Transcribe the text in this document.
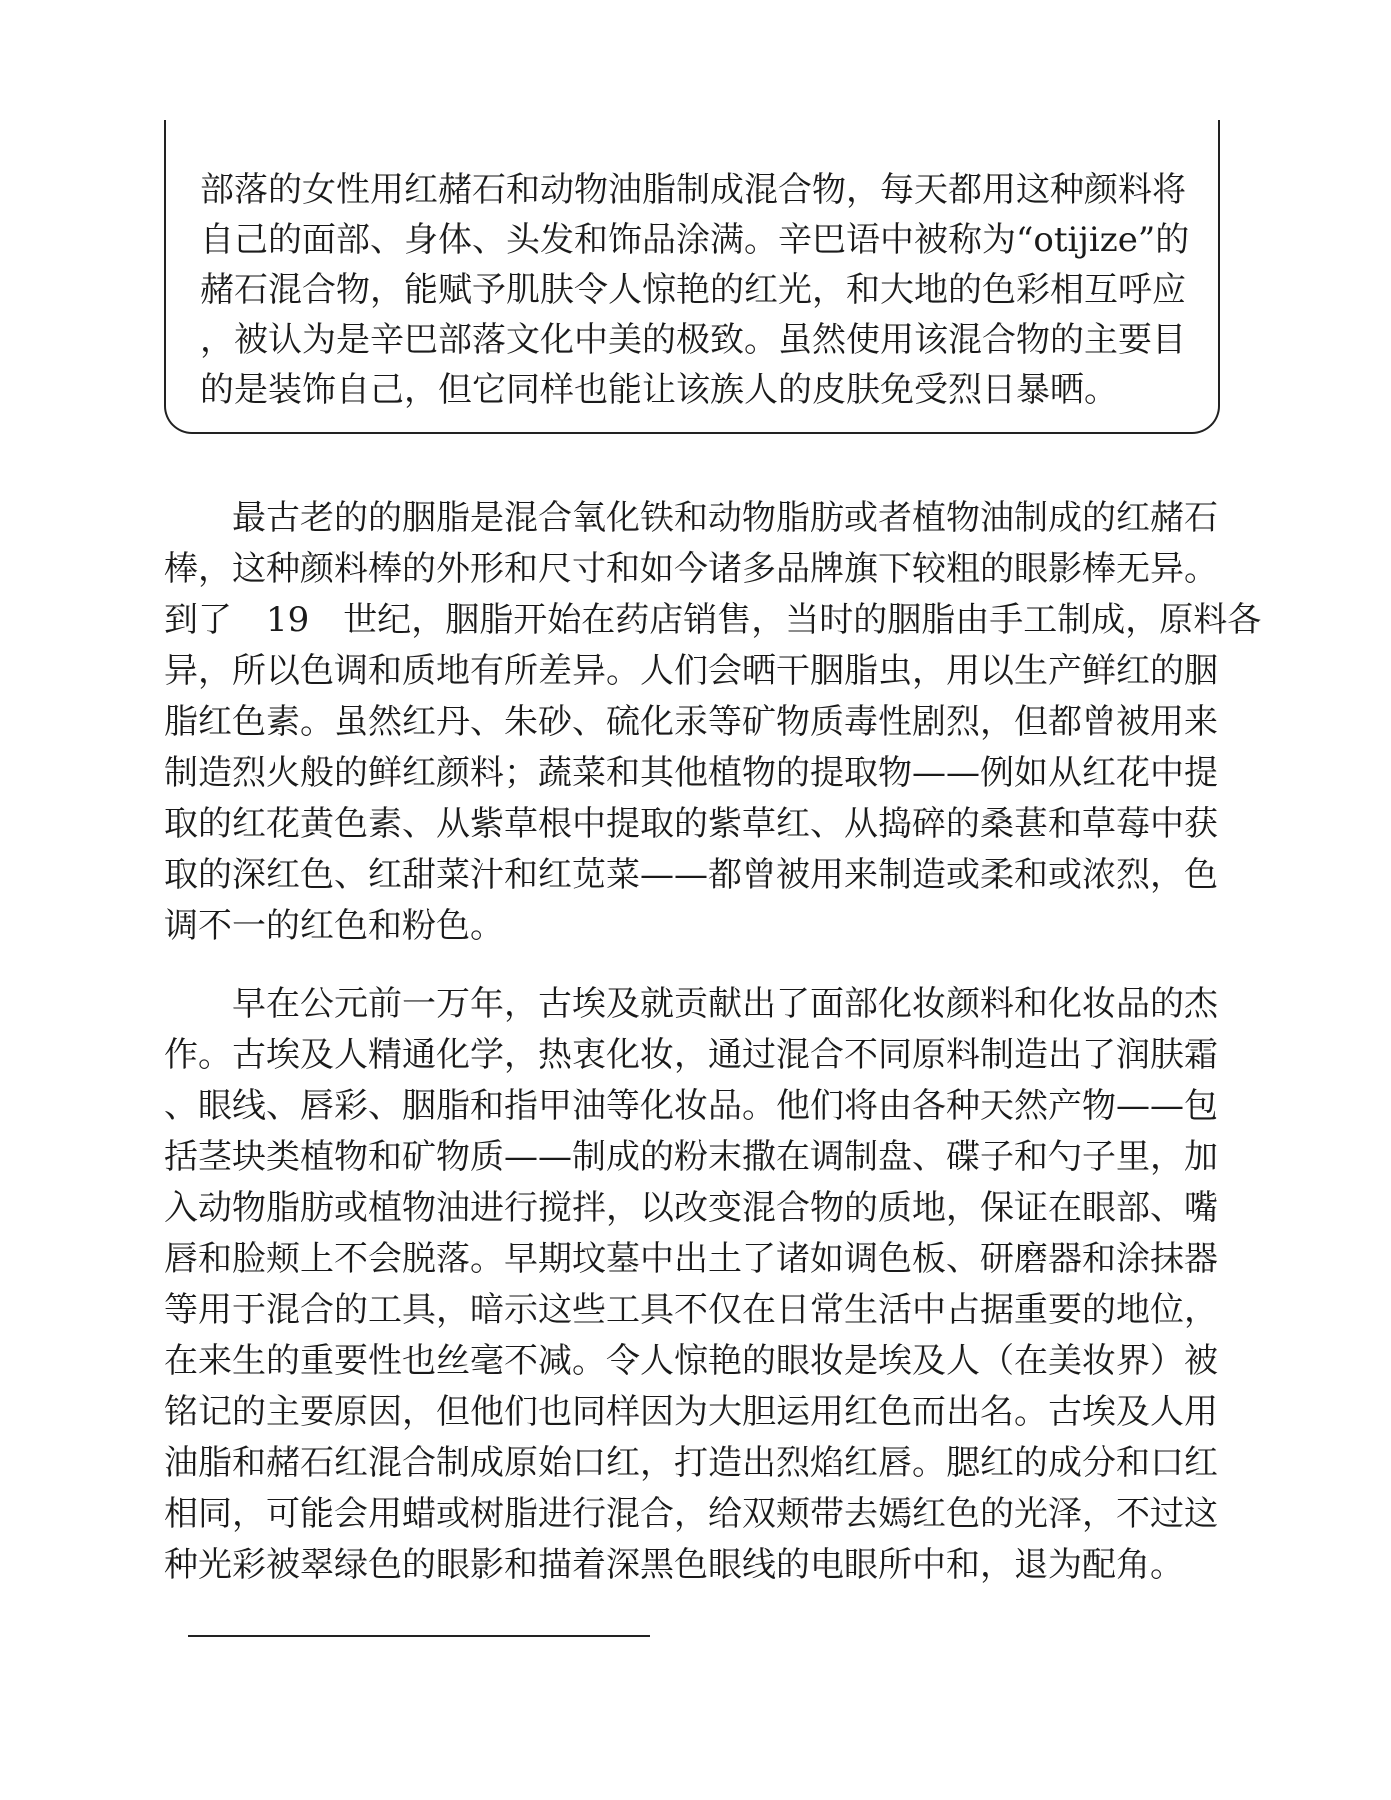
部落的女性用红赭石和动物油脂制成混合物，每天都用这种颜料将
自己的面部、身体、头发和饰品涂满。辛巴语中被称为“otijize”的
赭石混合物，能赋予肌肤令人惊艳的红光，和大地的色彩相互呼应
，被认为是辛巴部落文化中美的极致。虽然使用该混合物的主要目
的是装饰自己，但它同样也能让该族人的皮肤免受烈日暴晒。
　　最古老的的胭脂是混合氧化铁和动物脂肪或者植物油制成的红赭石
棒，这种颜料棒的外形和尺寸和如今诸多品牌旗下较粗的眼影棒无异。
到了　19　世纪，胭脂开始在药店销售，当时的胭脂由手工制成，原料各
异，所以色调和质地有所差异。人们会晒干胭脂虫，用以生产鲜红的胭
脂红色素。虽然红丹、朱砂、硫化汞等矿物质毒性剧烈，但都曾被用来
制造烈火般的鲜红颜料；蔬菜和其他植物的提取物——例如从红花中提
取的红花黄色素、从紫草根中提取的紫草红、从捣碎的桑葚和草莓中获
取的深红色、红甜菜汁和红苋菜——都曾被用来制造或柔和或浓烈，色
调不一的红色和粉色。
　　早在公元前一万年，古埃及就贡献出了面部化妆颜料和化妆品的杰
作。古埃及人精通化学，热衷化妆，通过混合不同原料制造出了润肤霜
、眼线、唇彩、胭脂和指甲油等化妆品。他们将由各种天然产物——包
括茎块类植物和矿物质——制成的粉末撒在调制盘、碟子和勺子里，加
入动物脂肪或植物油进行搅拌，以改变混合物的质地，保证在眼部、嘴
唇和脸颊上不会脱落。早期坟墓中出土了诸如调色板、研磨器和涂抹器
等用于混合的工具，暗示这些工具不仅在日常生活中占据重要的地位，
在来生的重要性也丝毫不减。令人惊艳的眼妆是埃及人（在美妆界）被
铭记的主要原因，但他们也同样因为大胆运用红色而出名。古埃及人用
油脂和赭石红混合制成原始口红，打造出烈焰红唇。腮红的成分和口红
相同，可能会用蜡或树脂进行混合，给双颊带去嫣红色的光泽，不过这
种光彩被翠绿色的眼影和描着深黑色眼线的电眼所中和，退为配角。
